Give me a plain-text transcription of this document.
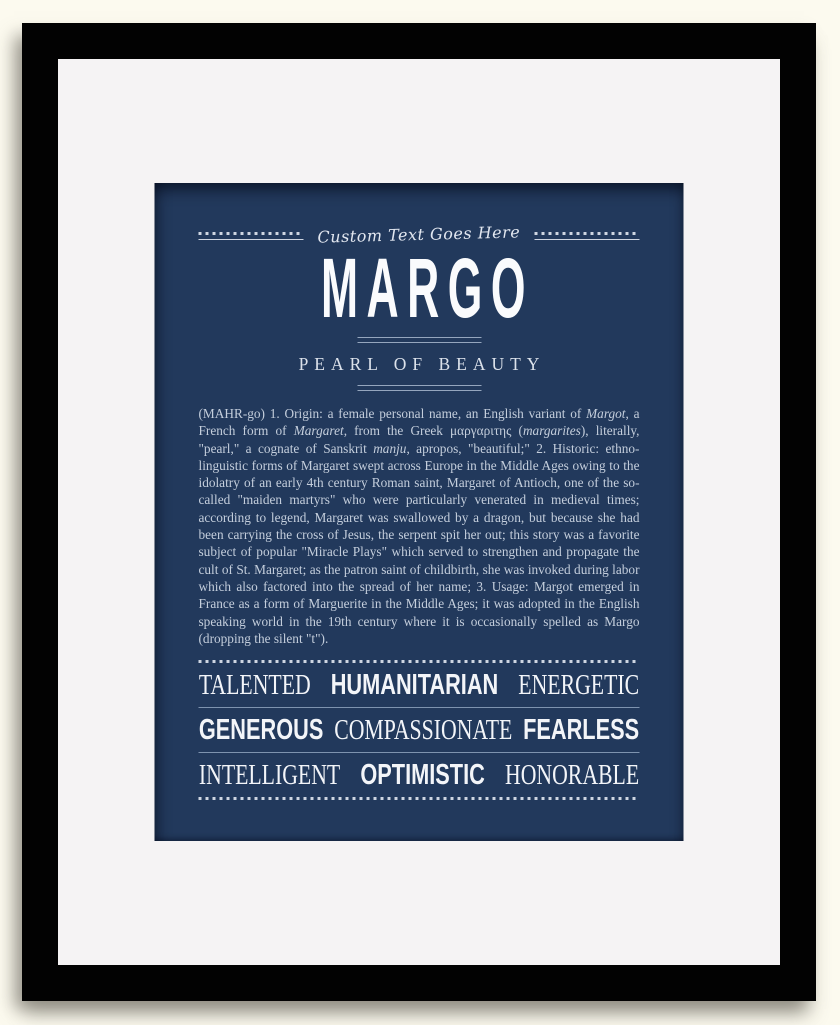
Custom Text Goes Here
MARGO
PEARL OF BEAUTY
(MAHR-go) 1. Origin: a female personal name, an English variant of Margot, a French form of Margaret, from the Greek μαργαριτης (margarites), literally, "pearl," a cognate of Sanskrit manju, apropos, "beautiful;" 2. Historic: ethno-linguistic forms of Margaret swept across Europe in the Middle Ages owing to the idolatry of an early 4th century Roman saint, Margaret of Antioch, one of the so-called "maiden martyrs" who were particularly venerated in medieval times; according to legend, Margaret was swallowed by a dragon, but because she had been carrying the cross of Jesus, the serpent spit her out; this story was a favorite subject of popular "Miracle Plays" which served to strengthen and propagate the cult of St. Margaret; as the patron saint of childbirth, she was invoked during labor which also factored into the spread of her name; 3. Usage: Margot emerged in France as a form of Marguerite in the Middle Ages; it was adopted in the English speaking world in the 19th century where it is occasionally spelled as Margo (dropping the silent "t").
TALENTED HUMANITARIAN ENERGETIC
GENEROUS COMPASSIONATE FEARLESS
INTELLIGENT OPTIMISTIC HONORABLE
